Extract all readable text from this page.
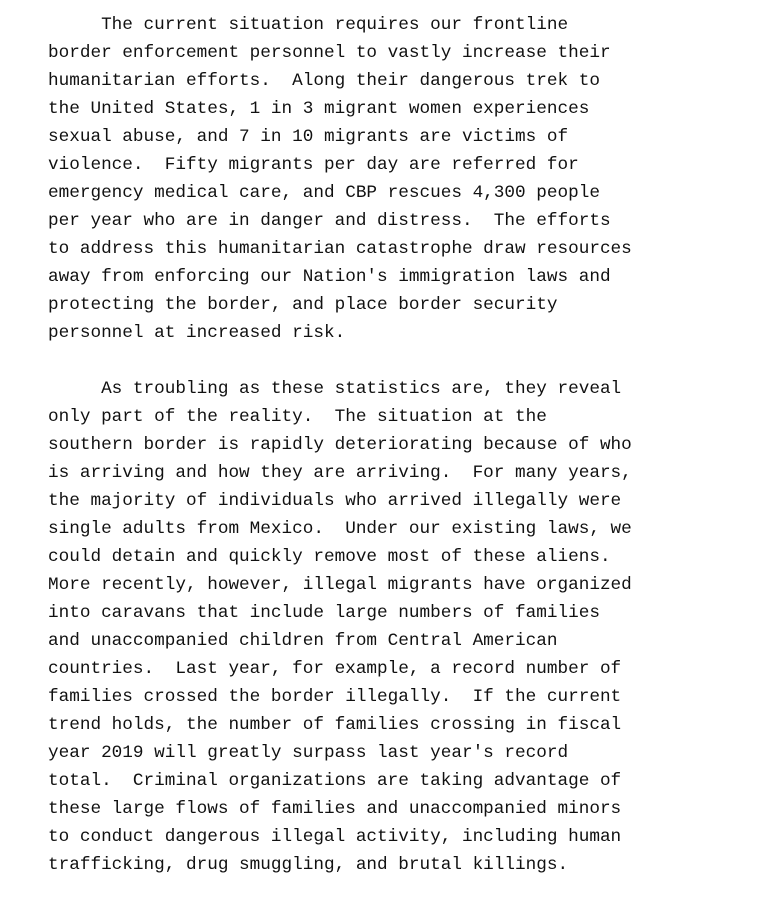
The current situation requires our frontline
border enforcement personnel to vastly increase their
humanitarian efforts.  Along their dangerous trek to
the United States, 1 in 3 migrant women experiences
sexual abuse, and 7 in 10 migrants are victims of
violence.  Fifty migrants per day are referred for
emergency medical care, and CBP rescues 4,300 people
per year who are in danger and distress.  The efforts
to address this humanitarian catastrophe draw resources
away from enforcing our Nation's immigration laws and
protecting the border, and place border security
personnel at increased risk.
As troubling as these statistics are, they reveal
only part of the reality.  The situation at the
southern border is rapidly deteriorating because of who
is arriving and how they are arriving.  For many years,
the majority of individuals who arrived illegally were
single adults from Mexico.  Under our existing laws, we
could detain and quickly remove most of these aliens.
More recently, however, illegal migrants have organized
into caravans that include large numbers of families
and unaccompanied children from Central American
countries.  Last year, for example, a record number of
families crossed the border illegally.  If the current
trend holds, the number of families crossing in fiscal
year 2019 will greatly surpass last year's record
total.  Criminal organizations are taking advantage of
these large flows of families and unaccompanied minors
to conduct dangerous illegal activity, including human
trafficking, drug smuggling, and brutal killings.
